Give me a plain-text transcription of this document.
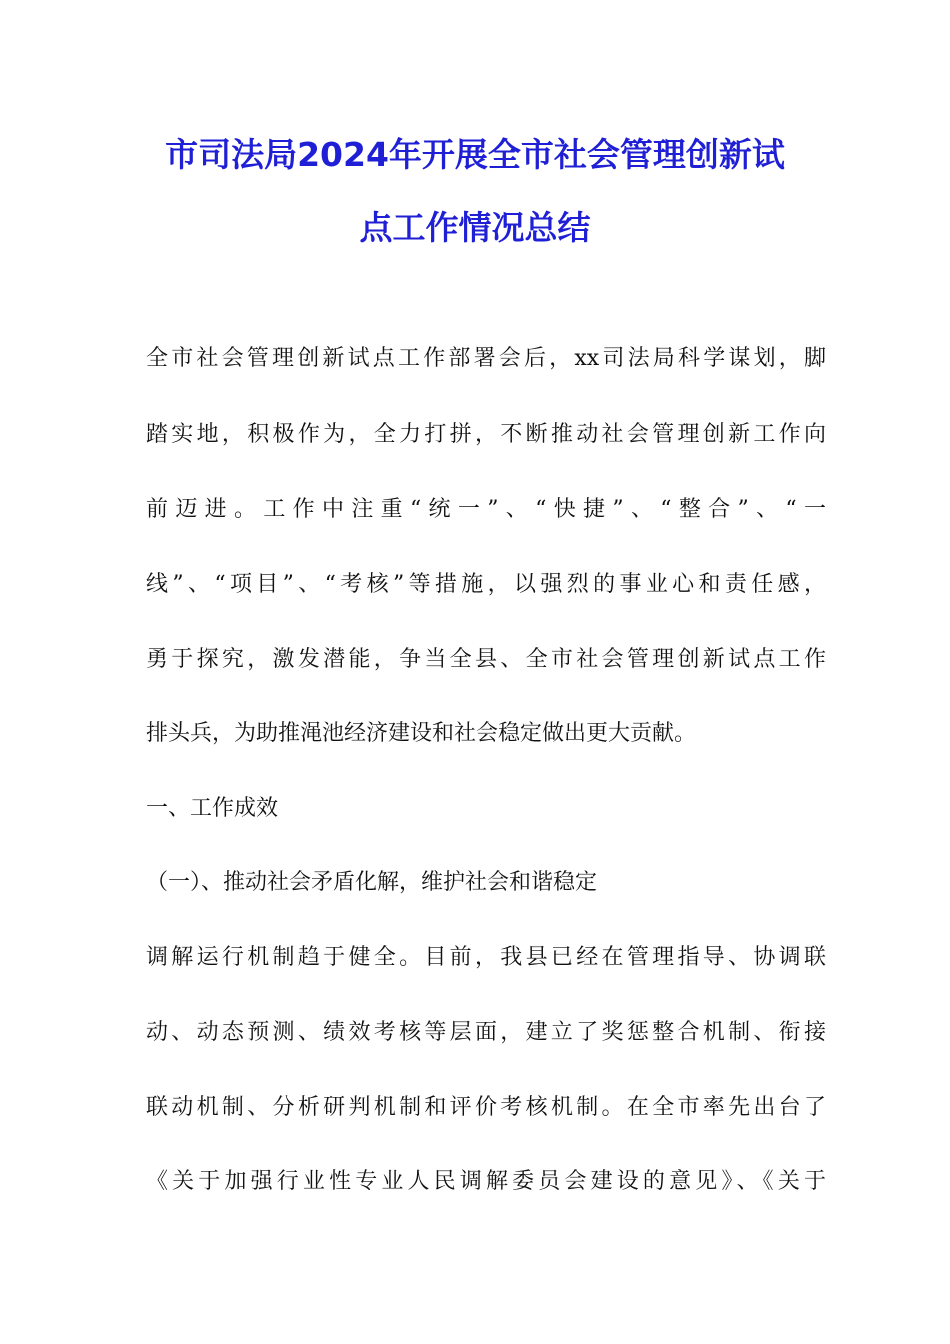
市司法局2024年开展全市社会管理创新试
点工作情况总结
全市社会管理创新试点工作部署会后，xx司法局科学谋划，脚
踏实地，积极作为，全力打拼，不断推动社会管理创新工作向
前迈进。工作中注重“统一”、“快捷”、“整合”、“一
线”、“项目”、“考核”等措施，以强烈的事业心和责任感，
勇于探究，激发潜能，争当全县、全市社会管理创新试点工作
排头兵，为助推渑池经济建设和社会稳定做出更大贡献。
一、工作成效
（一）、推动社会矛盾化解，维护社会和谐稳定
调解运行机制趋于健全。目前，我县已经在管理指导、协调联
动、动态预测、绩效考核等层面，建立了奖惩整合机制、衔接
联动机制、分析研判机制和评价考核机制。在全市率先出台了
《关于加强行业性专业人民调解委员会建设的意见》、《关于
